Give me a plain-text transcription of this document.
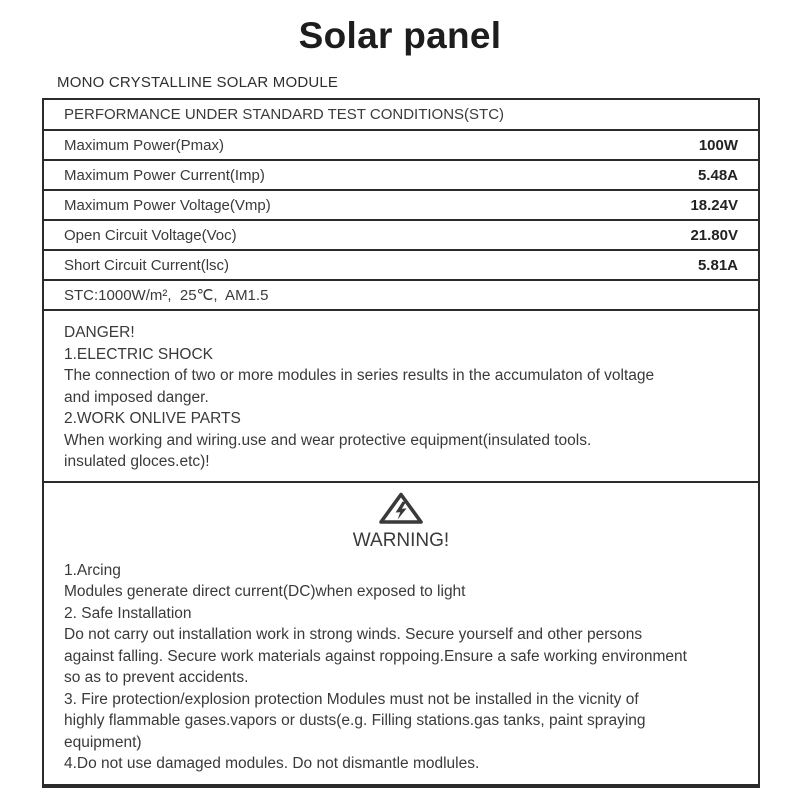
Solar panel
MONO CRYSTALLINE SOLAR MODULE
PERFORMANCE UNDER STANDARD TEST CONDITIONS(STC)
Maximum Power(Pmax)	100W
Maximum Power Current(Imp)	5.48A
Maximum Power Voltage(Vmp)	18.24V
Open Circuit Voltage(Voc)	21.80V
Short Circuit Current(lsc)	5.81A
STC:1000W/m²,  25℃,  AM1.5
DANGER!
1.ELECTRIC SHOCK
The connection of two or more modules in series results in the accumulaton of voltage
and imposed danger.
2.WORK ONLIVE PARTS
When working and wiring.use and wear protective equipment(insulated tools.
insulated gloces.etc)!
WARNING!
1.Arcing
Modules generate direct current(DC)when exposed to light
2. Safe Installation
Do not carry out installation work in strong winds. Secure yourself and other persons
against falling. Secure work materials against roppoing.Ensure a safe working environment
so as to prevent accidents.
3. Fire protection/explosion protection Modules must not be installed in the vicnity of
highly flammable gases.vapors or dusts(e.g. Filling stations.gas tanks, paint spraying
equipment)
4.Do not use damaged modules. Do not dismantle modlules.
